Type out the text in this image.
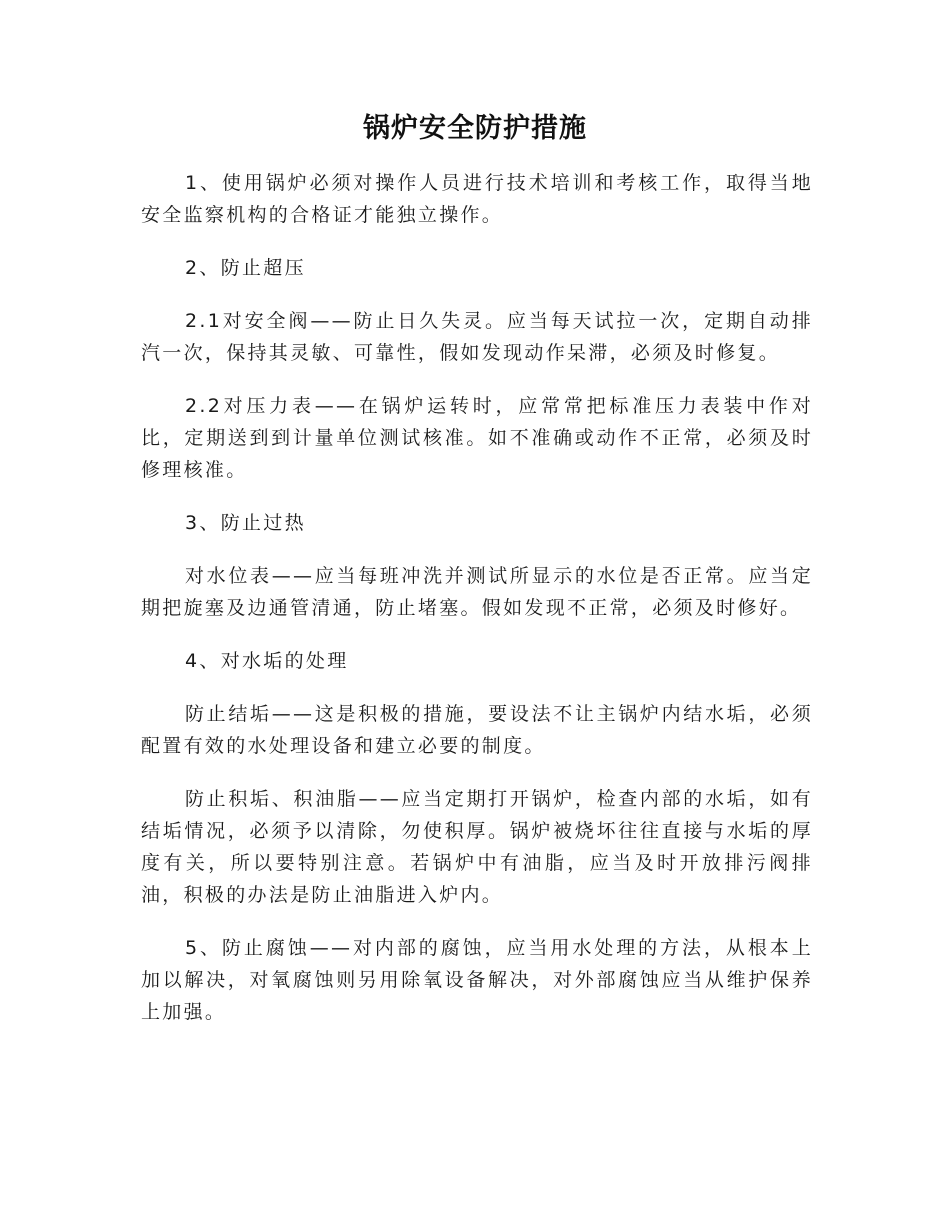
锅炉安全防护措施

1、使用锅炉必须对操作人员进行技术培训和考核工作，取得当地安全监察机构的合格证才能独立操作。

2、防止超压

2.1对安全阀——防止日久失灵。应当每天试拉一次，定期自动排汽一次，保持其灵敏、可靠性，假如发现动作呆滞，必须及时修复。

2.2对压力表——在锅炉运转时，应常常把标准压力表装中作对比，定期送到到计量单位测试核准。如不准确或动作不正常，必须及时修理核准。

3、防止过热

对水位表——应当每班冲洗并测试所显示的水位是否正常。应当定期把旋塞及边通管清通，防止堵塞。假如发现不正常，必须及时修好。

4、对水垢的处理

防止结垢——这是积极的措施，要设法不让主锅炉内结水垢，必须配置有效的水处理设备和建立必要的制度。

防止积垢、积油脂——应当定期打开锅炉，检查内部的水垢，如有结垢情况，必须予以清除，勿使积厚。锅炉被烧坏往往直接与水垢的厚度有关，所以要特别注意。若锅炉中有油脂，应当及时开放排污阀排油，积极的办法是防止油脂进入炉内。

5、防止腐蚀——对内部的腐蚀，应当用水处理的方法，从根本上加以解决，对氧腐蚀则另用除氧设备解决，对外部腐蚀应当从维护保养上加强。
